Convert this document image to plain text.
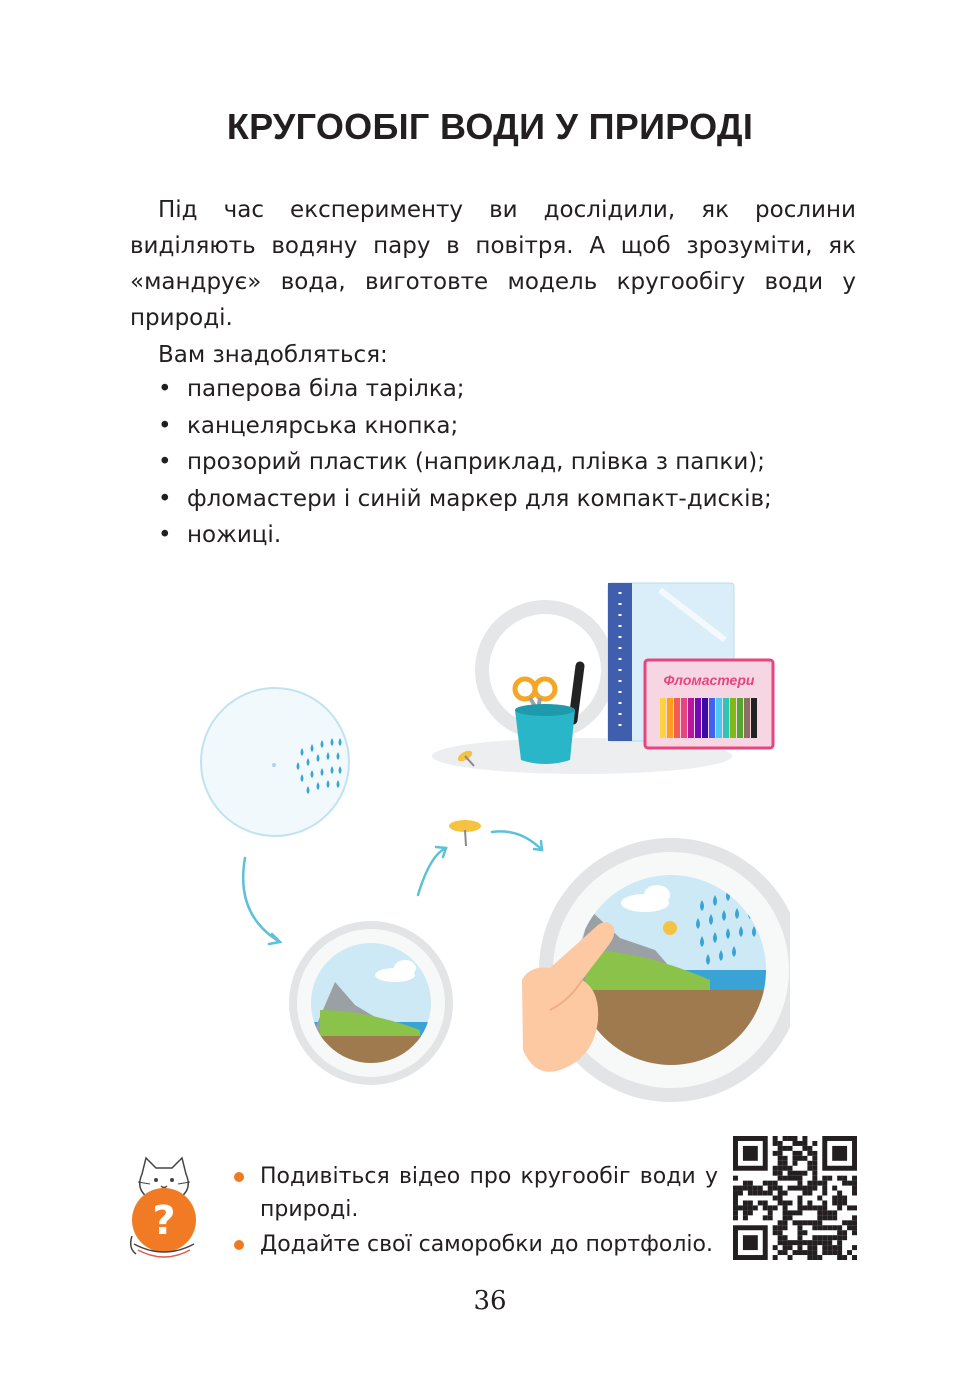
КРУГООБІГ ВОДИ У ПРИРОДІ

Під час експерименту ви дослідили, як рослини виділяють водяну пару в повітря. А щоб зрозуміти, як «мандрує» вода, виготовте модель кругообігу води у природі.

Вам знадобляться:

• паперова біла тарілка;
• канцелярська кнопка;
• прозорий пластик (наприклад, плівка з папки);
• фломастери і синій маркер для компакт-дисків;
• ножиці.
Фломастери
?
Подивіться відео про кругообіг води у природі.
Додайте свої саморобки до портфоліо.
36
